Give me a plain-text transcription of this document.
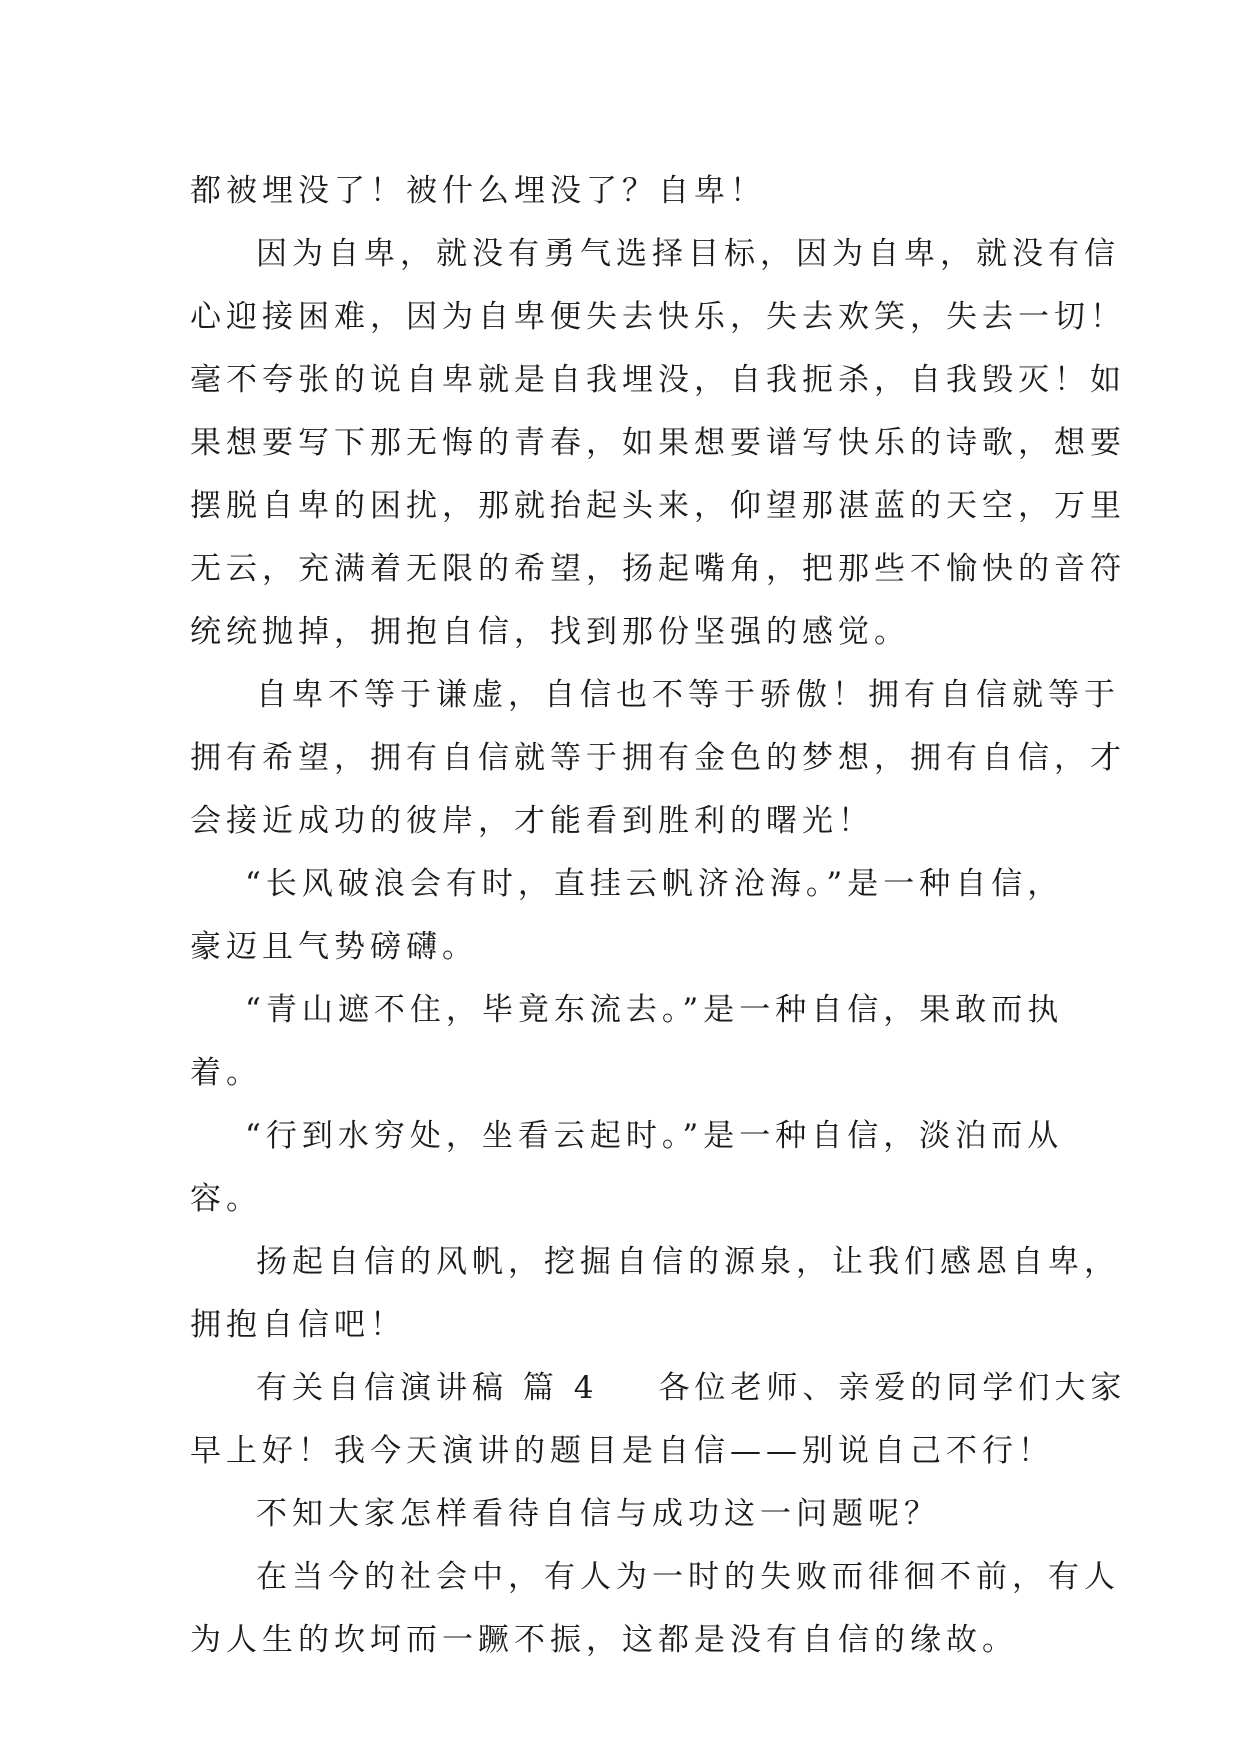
都被埋没了！被什么埋没了？自卑！

因为自卑，就没有勇气选择目标，因为自卑，就没有信

心迎接困难，因为自卑便失去快乐，失去欢笑，失去一切！

毫不夸张的说自卑就是自我埋没，自我扼杀，自我毁灭！如

果想要写下那无悔的青春，如果想要谱写快乐的诗歌，想要

摆脱自卑的困扰，那就抬起头来，仰望那湛蓝的天空，万里

无云，充满着无限的希望，扬起嘴角，把那些不愉快的音符

统统抛掉，拥抱自信，找到那份坚强的感觉。

自卑不等于谦虚，自信也不等于骄傲！拥有自信就等于

拥有希望，拥有自信就等于拥有金色的梦想，拥有自信，才

会接近成功的彼岸，才能看到胜利的曙光！

“长风破浪会有时，直挂云帆济沧海。”是一种自信，

豪迈且气势磅礴。

“青山遮不住，毕竟东流去。”是一种自信，果敢而执

着。

“行到水穷处，坐看云起时。”是一种自信，淡泊而从

容。

扬起自信的风帆，挖掘自信的源泉，让我们感恩自卑，

拥抱自信吧！

有关自信演讲稿 篇 4 各位老师、亲爱的同学们大家

早上好！我今天演讲的题目是自信——别说自己不行！

不知大家怎样看待自信与成功这一问题呢？

在当今的社会中，有人为一时的失败而徘徊不前，有人

为人生的坎坷而一蹶不振，这都是没有自信的缘故。
